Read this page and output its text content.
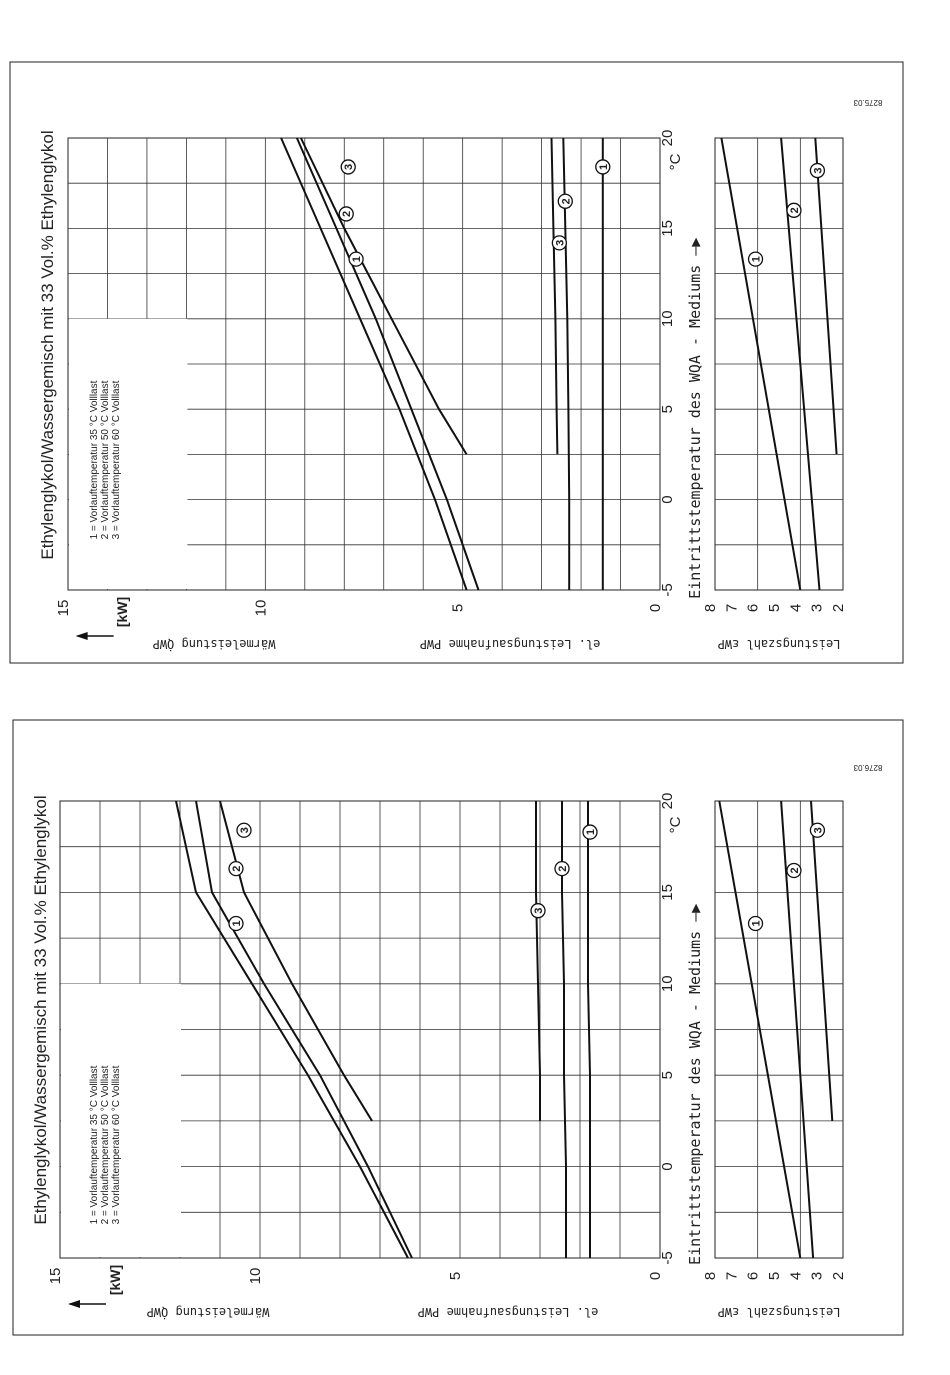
1
2
3	1
2
3
1
2
3
-5
0
5
10
15
20
°C
Eintrittstemperatur des WQA - Mediums —▶
0
5
10
15	[kW]	2
3
4
5
6
7
8
Wärmeleistung Q̇WP	el. Leistungsaufnahme PWP	Leistungszahl εWP
Ethylenglykol/Wassergemisch mit 33 Vol.% Ethylenglykol	1 = Vorlauftemperatur 35 °C Volllast 2 = Vorlauftemperatur 50 °C Volllast 3 = Vorlauftemperatur 60 °C Volllast
8275.03
1
2
3	1
2
3
1
2
3
-5
0
5
10
15
20
°C
Eintrittstemperatur des WQA - Mediums —▶
0
5
10
15	[kW]	2
3
4
5
6
7
8
Wärmeleistung Q̇WP	el. Leistungsaufnahme PWP	Leistungszahl εWP
Ethylenglykol/Wassergemisch mit 33 Vol.% Ethylenglykol	1 = Vorlauftemperatur 35 °C Volllast 2 = Vorlauftemperatur 50 °C Volllast 3 = Vorlauftemperatur 60 °C Volllast
8276.03
